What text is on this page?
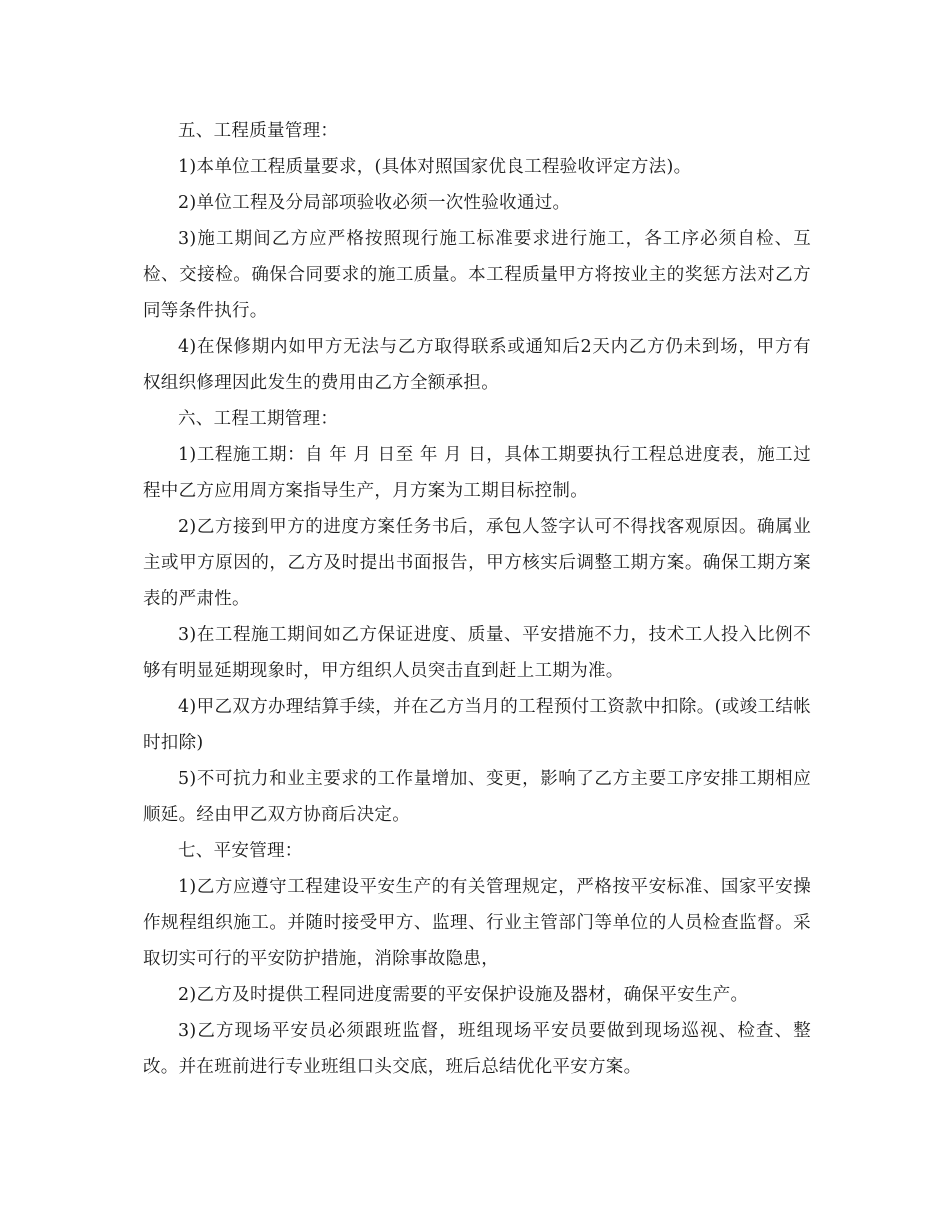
五、工程质量管理：

1)本单位工程质量要求，(具体对照国家优良工程验收评定方法)。

2)单位工程及分局部项验收必须一次性验收通过。

3)施工期间乙方应严格按照现行施工标准要求进行施工，各工序必须自检、互检、交接检。确保合同要求的施工质量。本工程质量甲方将按业主的奖惩方法对乙方同等条件执行。

4)在保修期内如甲方无法与乙方取得联系或通知后2天内乙方仍未到场，甲方有权组织修理因此发生的费用由乙方全额承担。

六、工程工期管理：

1)工程施工期：自 年 月 日至 年 月 日，具体工期要执行工程总进度表，施工过程中乙方应用周方案指导生产，月方案为工期目标控制。

2)乙方接到甲方的进度方案任务书后，承包人签字认可不得找客观原因。确属业主或甲方原因的，乙方及时提出书面报告，甲方核实后调整工期方案。确保工期方案表的严肃性。

3)在工程施工期间如乙方保证进度、质量、平安措施不力，技术工人投入比例不够有明显延期现象时，甲方组织人员突击直到赶上工期为准。

4)甲乙双方办理结算手续，并在乙方当月的工程预付工资款中扣除。(或竣工结帐时扣除)

5)不可抗力和业主要求的工作量增加、变更，影响了乙方主要工序安排工期相应顺延。经由甲乙双方协商后决定。

七、平安管理：

1)乙方应遵守工程建设平安生产的有关管理规定，严格按平安标准、国家平安操作规程组织施工。并随时接受甲方、监理、行业主管部门等单位的人员检查监督。采取切实可行的平安防护措施，消除事故隐患，

2)乙方及时提供工程同进度需要的平安保护设施及器材，确保平安生产。

3)乙方现场平安员必须跟班监督，班组现场平安员要做到现场巡视、检查、整改。并在班前进行专业班组口头交底，班后总结优化平安方案。
